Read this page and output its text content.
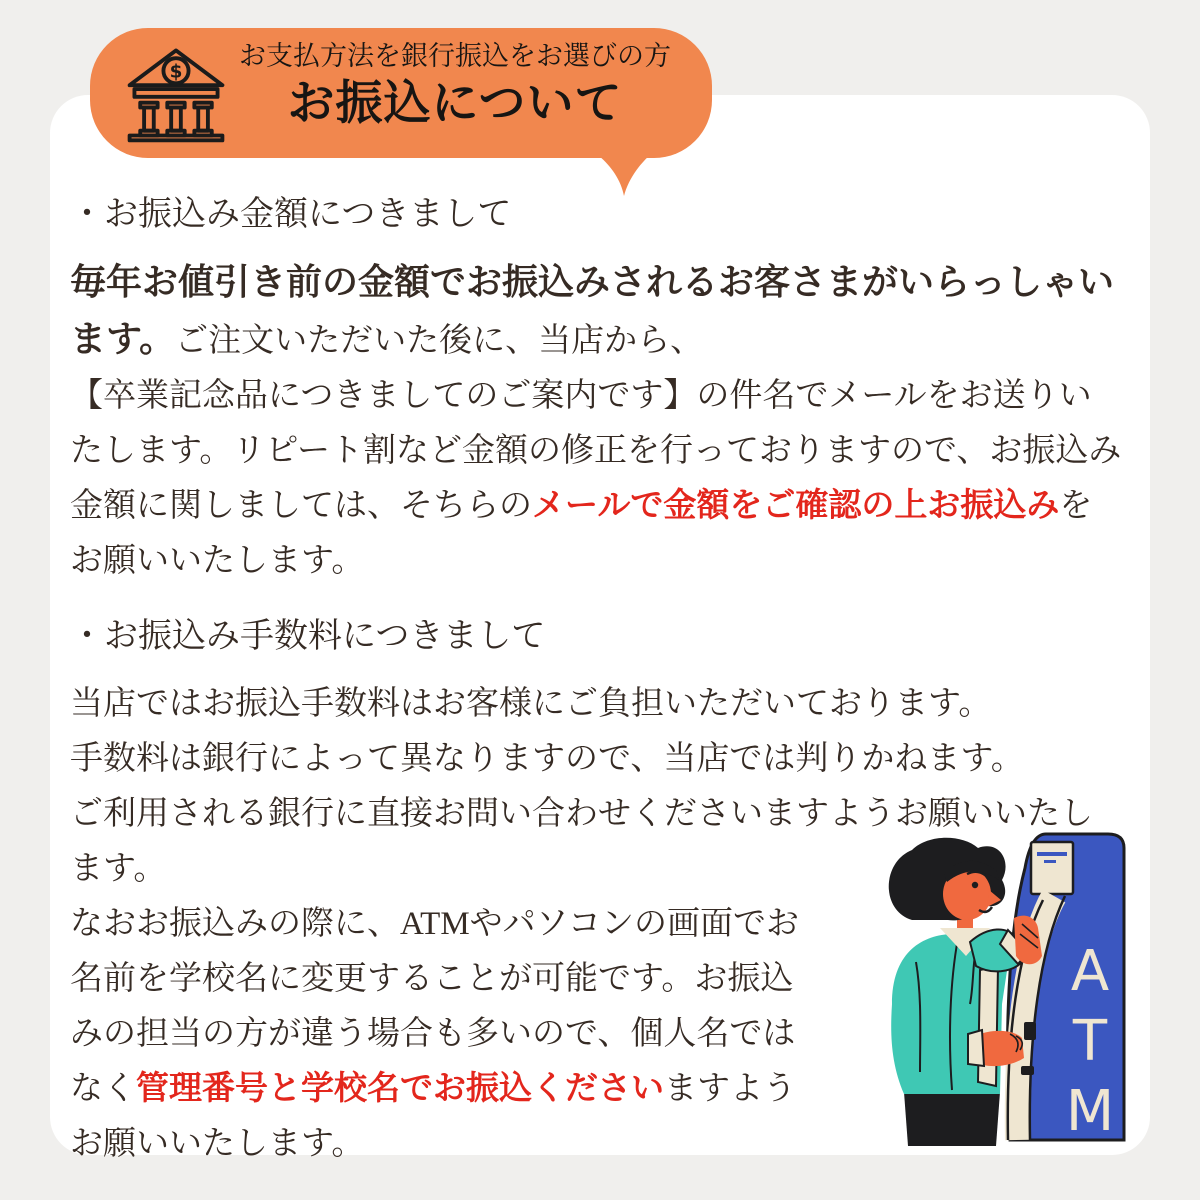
・お振込み金額につきまして

毎年お値引き前の金額でお振込みされるお客さまがいらっしゃいます。ご注文いただいた後に、当店から、
【卒業記念品につきましてのご案内です】の件名でメールをお送りいたします。リピート割など金額の修正を行っておりますので、お振込み金額に関しましては、そちらのメールで金額をご確認の上お振込みをお願いいたします。

・お振込み手数料につきまして

当店ではお振込手数料はお客様にご負担いただいております。
手数料は銀行によって異なりますので、当店では判りかねます。
ご利用される銀行に直接お問い合わせくださいますようお願いいたします。
なおお振込みの際に、ATMやパソコンの画面でお名前を学校名に変更することが可能です。お振込みの担当の方が違う場合も多いので、個人名ではなく管理番号と学校名でお振込くださいますようお願いいたします。

$

お支払方法を銀行振込をお選びの方

お振込について

A
T
M
